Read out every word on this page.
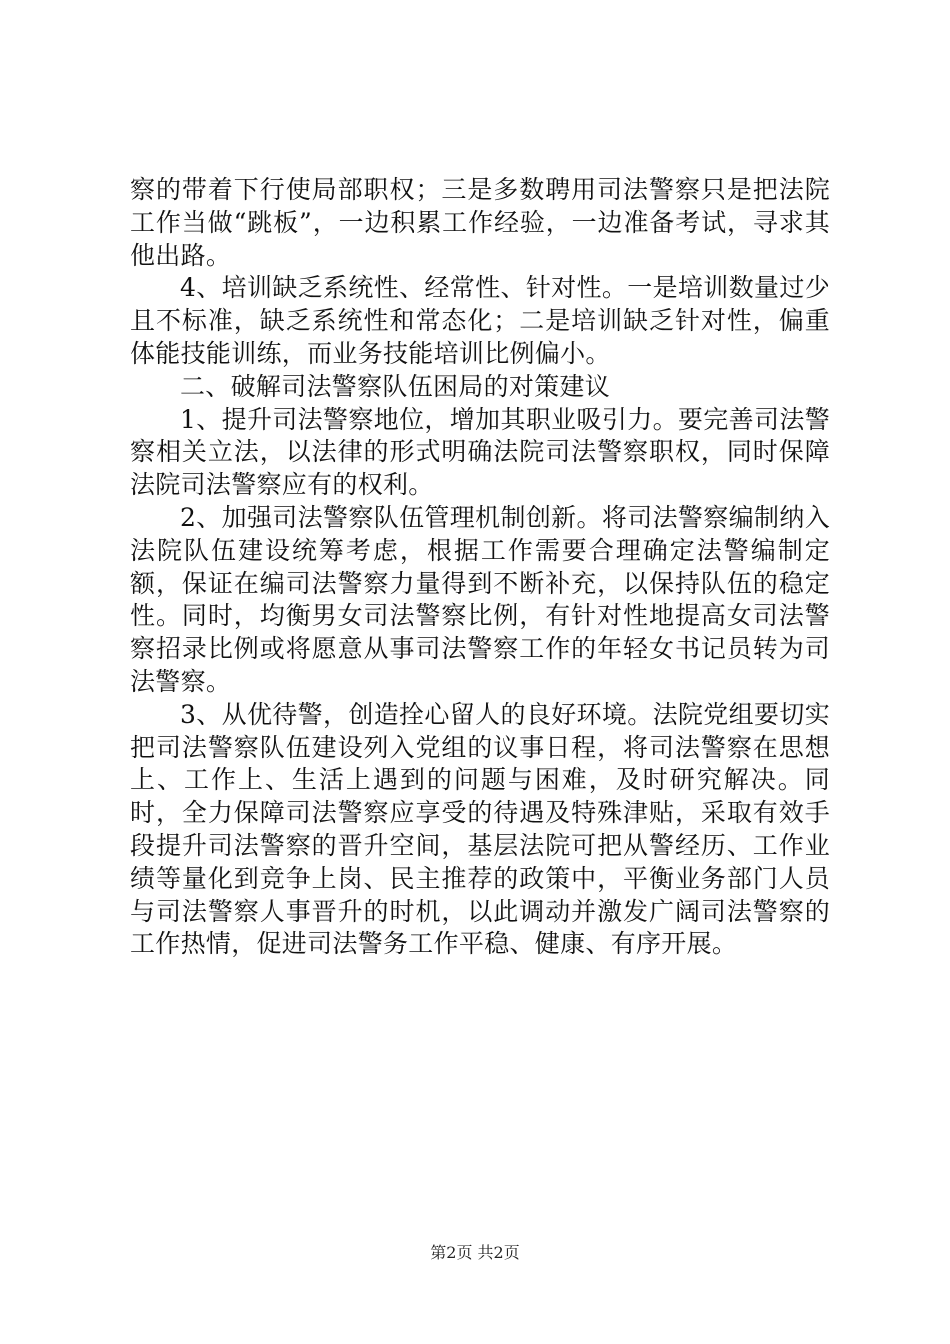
察的带着下行使局部职权；三是多数聘用司法警察只是把法院工作当做“跳板”，一边积累工作经验，一边准备考试，寻求其他出路。

4、培训缺乏系统性、经常性、针对性。一是培训数量过少且不标准，缺乏系统性和常态化；二是培训缺乏针对性，偏重体能技能训练，而业务技能培训比例偏小。

二、破解司法警察队伍困局的对策建议

1、提升司法警察地位，增加其职业吸引力。要完善司法警察相关立法，以法律的形式明确法院司法警察职权，同时保障法院司法警察应有的权利。

2、加强司法警察队伍管理机制创新。将司法警察编制纳入法院队伍建设统筹考虑，根据工作需要合理确定法警编制定额，保证在编司法警察力量得到不断补充，以保持队伍的稳定性。同时，均衡男女司法警察比例，有针对性地提高女司法警察招录比例或将愿意从事司法警察工作的年轻女书记员转为司法警察。

3、从优待警，创造拴心留人的良好环境。法院党组要切实把司法警察队伍建设列入党组的议事日程，将司法警察在思想上、工作上、生活上遇到的问题与困难，及时研究解决。同时，全力保障司法警察应享受的待遇及特殊津贴，采取有效手段提升司法警察的晋升空间，基层法院可把从警经历、工作业绩等量化到竞争上岗、民主推荐的政策中，平衡业务部门人员与司法警察人事晋升的时机，以此调动并激发广阔司法警察的工作热情，促进司法警务工作平稳、健康、有序开展。

第2页 共2页
